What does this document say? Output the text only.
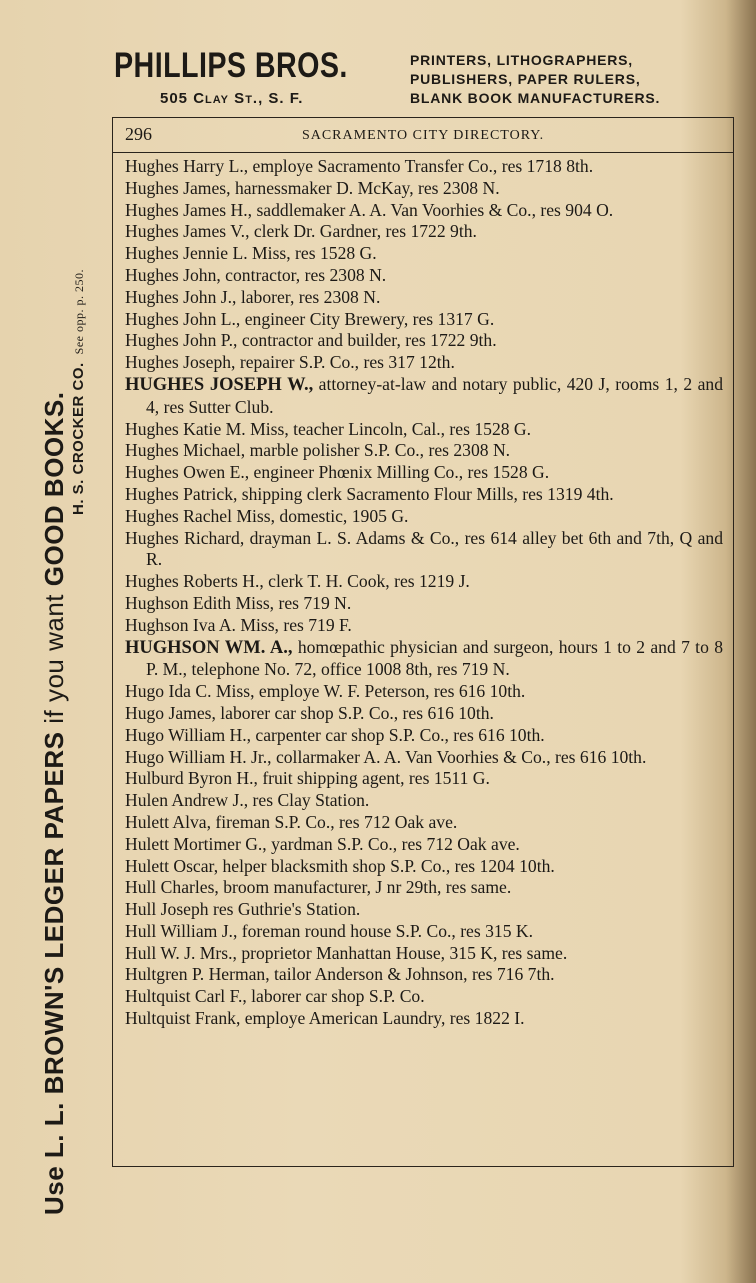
Use L. L. BROWN'S LEDGER PAPERS if you want GOOD BOOKS. H. S. CROCKER CO.See opp. p. 250.
PHILLIPS BROS.
505 Clay St., S. F.
PRINTERS, LITHOGRAPHERS,
PUBLISHERS, PAPER RULERS,
BLANK BOOK MANUFACTURERS.
296	SACRAMENTO CITY DIRECTORY.
Hughes Harry L., employe Sacramento Transfer Co., res 1718 8th.
Hughes James, harnessmaker D. McKay, res 2308 N.
Hughes James H., saddlemaker A. A. Van Voorhies & Co., res 904 O.
Hughes James V., clerk Dr. Gardner, res 1722 9th.
Hughes Jennie L. Miss, res 1528 G.
Hughes John, contractor, res 2308 N.
Hughes John J., laborer, res 2308 N.
Hughes John L., engineer City Brewery, res 1317 G.
Hughes John P., contractor and builder, res 1722 9th.
Hughes Joseph, repairer S.P. Co., res 317 12th.
HUGHES JOSEPH W., attorney-at-law and notary public, 420 J, rooms 1, 2 and 4, res Sutter Club.
Hughes Katie M. Miss, teacher Lincoln, Cal., res 1528 G.
Hughes Michael, marble polisher S.P. Co., res 2308 N.
Hughes Owen E., engineer Phœnix Milling Co., res 1528 G.
Hughes Patrick, shipping clerk Sacramento Flour Mills, res 1319 4th.
Hughes Rachel Miss, domestic, 1905 G.
Hughes Richard, drayman L. S. Adams & Co., res 614 alley bet 6th and 7th, Q and R.
Hughes Roberts H., clerk T. H. Cook, res 1219 J.
Hughson Edith Miss, res 719 N.
Hughson Iva A. Miss, res 719 F.
HUGHSON WM. A., homœpathic physician and surgeon, hours 1 to 2 and 7 to 8 P. M., telephone No. 72, office 1008 8th, res 719 N.
Hugo Ida C. Miss, employe W. F. Peterson, res 616 10th.
Hugo James, laborer car shop S.P. Co., res 616 10th.
Hugo William H., carpenter car shop S.P. Co., res 616 10th.
Hugo William H. Jr., collarmaker A. A. Van Voorhies & Co., res 616 10th.
Hulburd Byron H., fruit shipping agent, res 1511 G.
Hulen Andrew J., res Clay Station.
Hulett Alva, fireman S.P. Co., res 712 Oak ave.
Hulett Mortimer G., yardman S.P. Co., res 712 Oak ave.
Hulett Oscar, helper blacksmith shop S.P. Co., res 1204 10th.
Hull Charles, broom manufacturer, J nr 29th, res same.
Hull Joseph res Guthrie's Station.
Hull William J., foreman round house S.P. Co., res 315 K.
Hull W. J. Mrs., proprietor Manhattan House, 315 K, res same.
Hultgren P. Herman, tailor Anderson & Johnson, res 716 7th.
Hultquist Carl F., laborer car shop S.P. Co.
Hultquist Frank, employe American Laundry, res 1822 I.
